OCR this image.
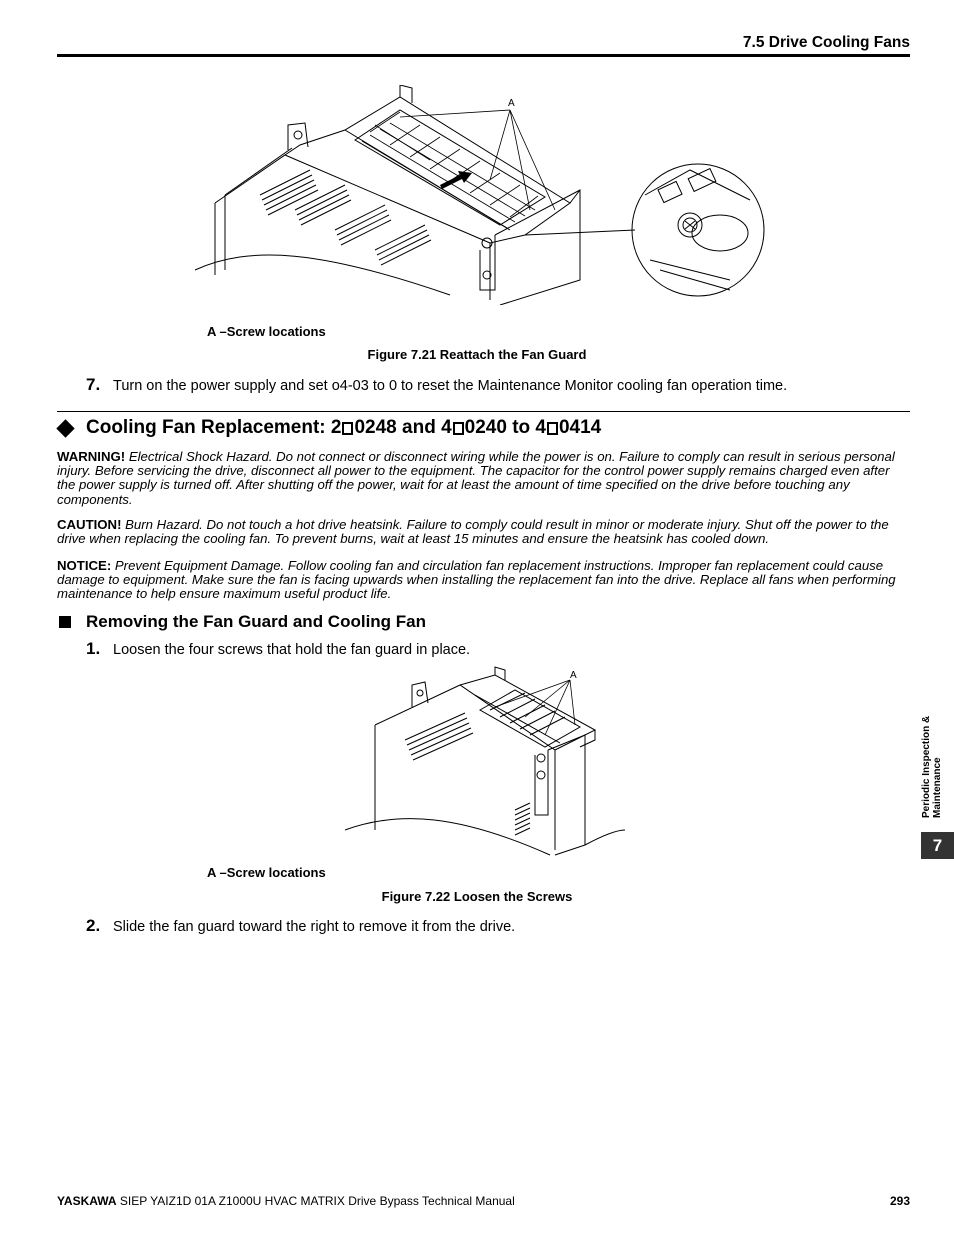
7.5 Drive Cooling Fans
A
A –Screw locations
Figure 7.21 Reattach the Fan Guard
7. Turn on the power supply and set o4-03 to 0 to reset the Maintenance Monitor cooling fan operation time.
Cooling Fan Replacement: 2 0248 and 4 0240 to 4 0414
WARNING! Electrical Shock Hazard. Do not connect or disconnect wiring while the power is on. Failure to comply can result in serious personal injury. Before servicing the drive, disconnect all power to the equipment. The capacitor for the control power supply remains charged even after the power supply is turned off. After shutting off the power, wait for at least the amount of time specified on the drive before touching any components.
CAUTION! Burn Hazard. Do not touch a hot drive heatsink. Failure to comply could result in minor or moderate injury. Shut off the power to the drive when replacing the cooling fan. To prevent burns, wait at least 15 minutes and ensure the heatsink has cooled down.
NOTICE: Prevent Equipment Damage. Follow cooling fan and circulation fan replacement instructions. Improper fan replacement could cause damage to equipment. Make sure the fan is facing upwards when installing the replacement fan into the drive. Replace all fans when performing maintenance to help ensure maximum useful product life.
Removing the Fan Guard and Cooling Fan
1. Loosen the four screws that hold the fan guard in place.
A
A –Screw locations
Figure 7.22 Loosen the Screws
2. Slide the fan guard toward the right to remove it from the drive.
Periodic Inspection & Maintenance
7
YASKAWA SIEP YAIZ1D 01A Z1000U HVAC MATRIX Drive Bypass Technical Manual	293
